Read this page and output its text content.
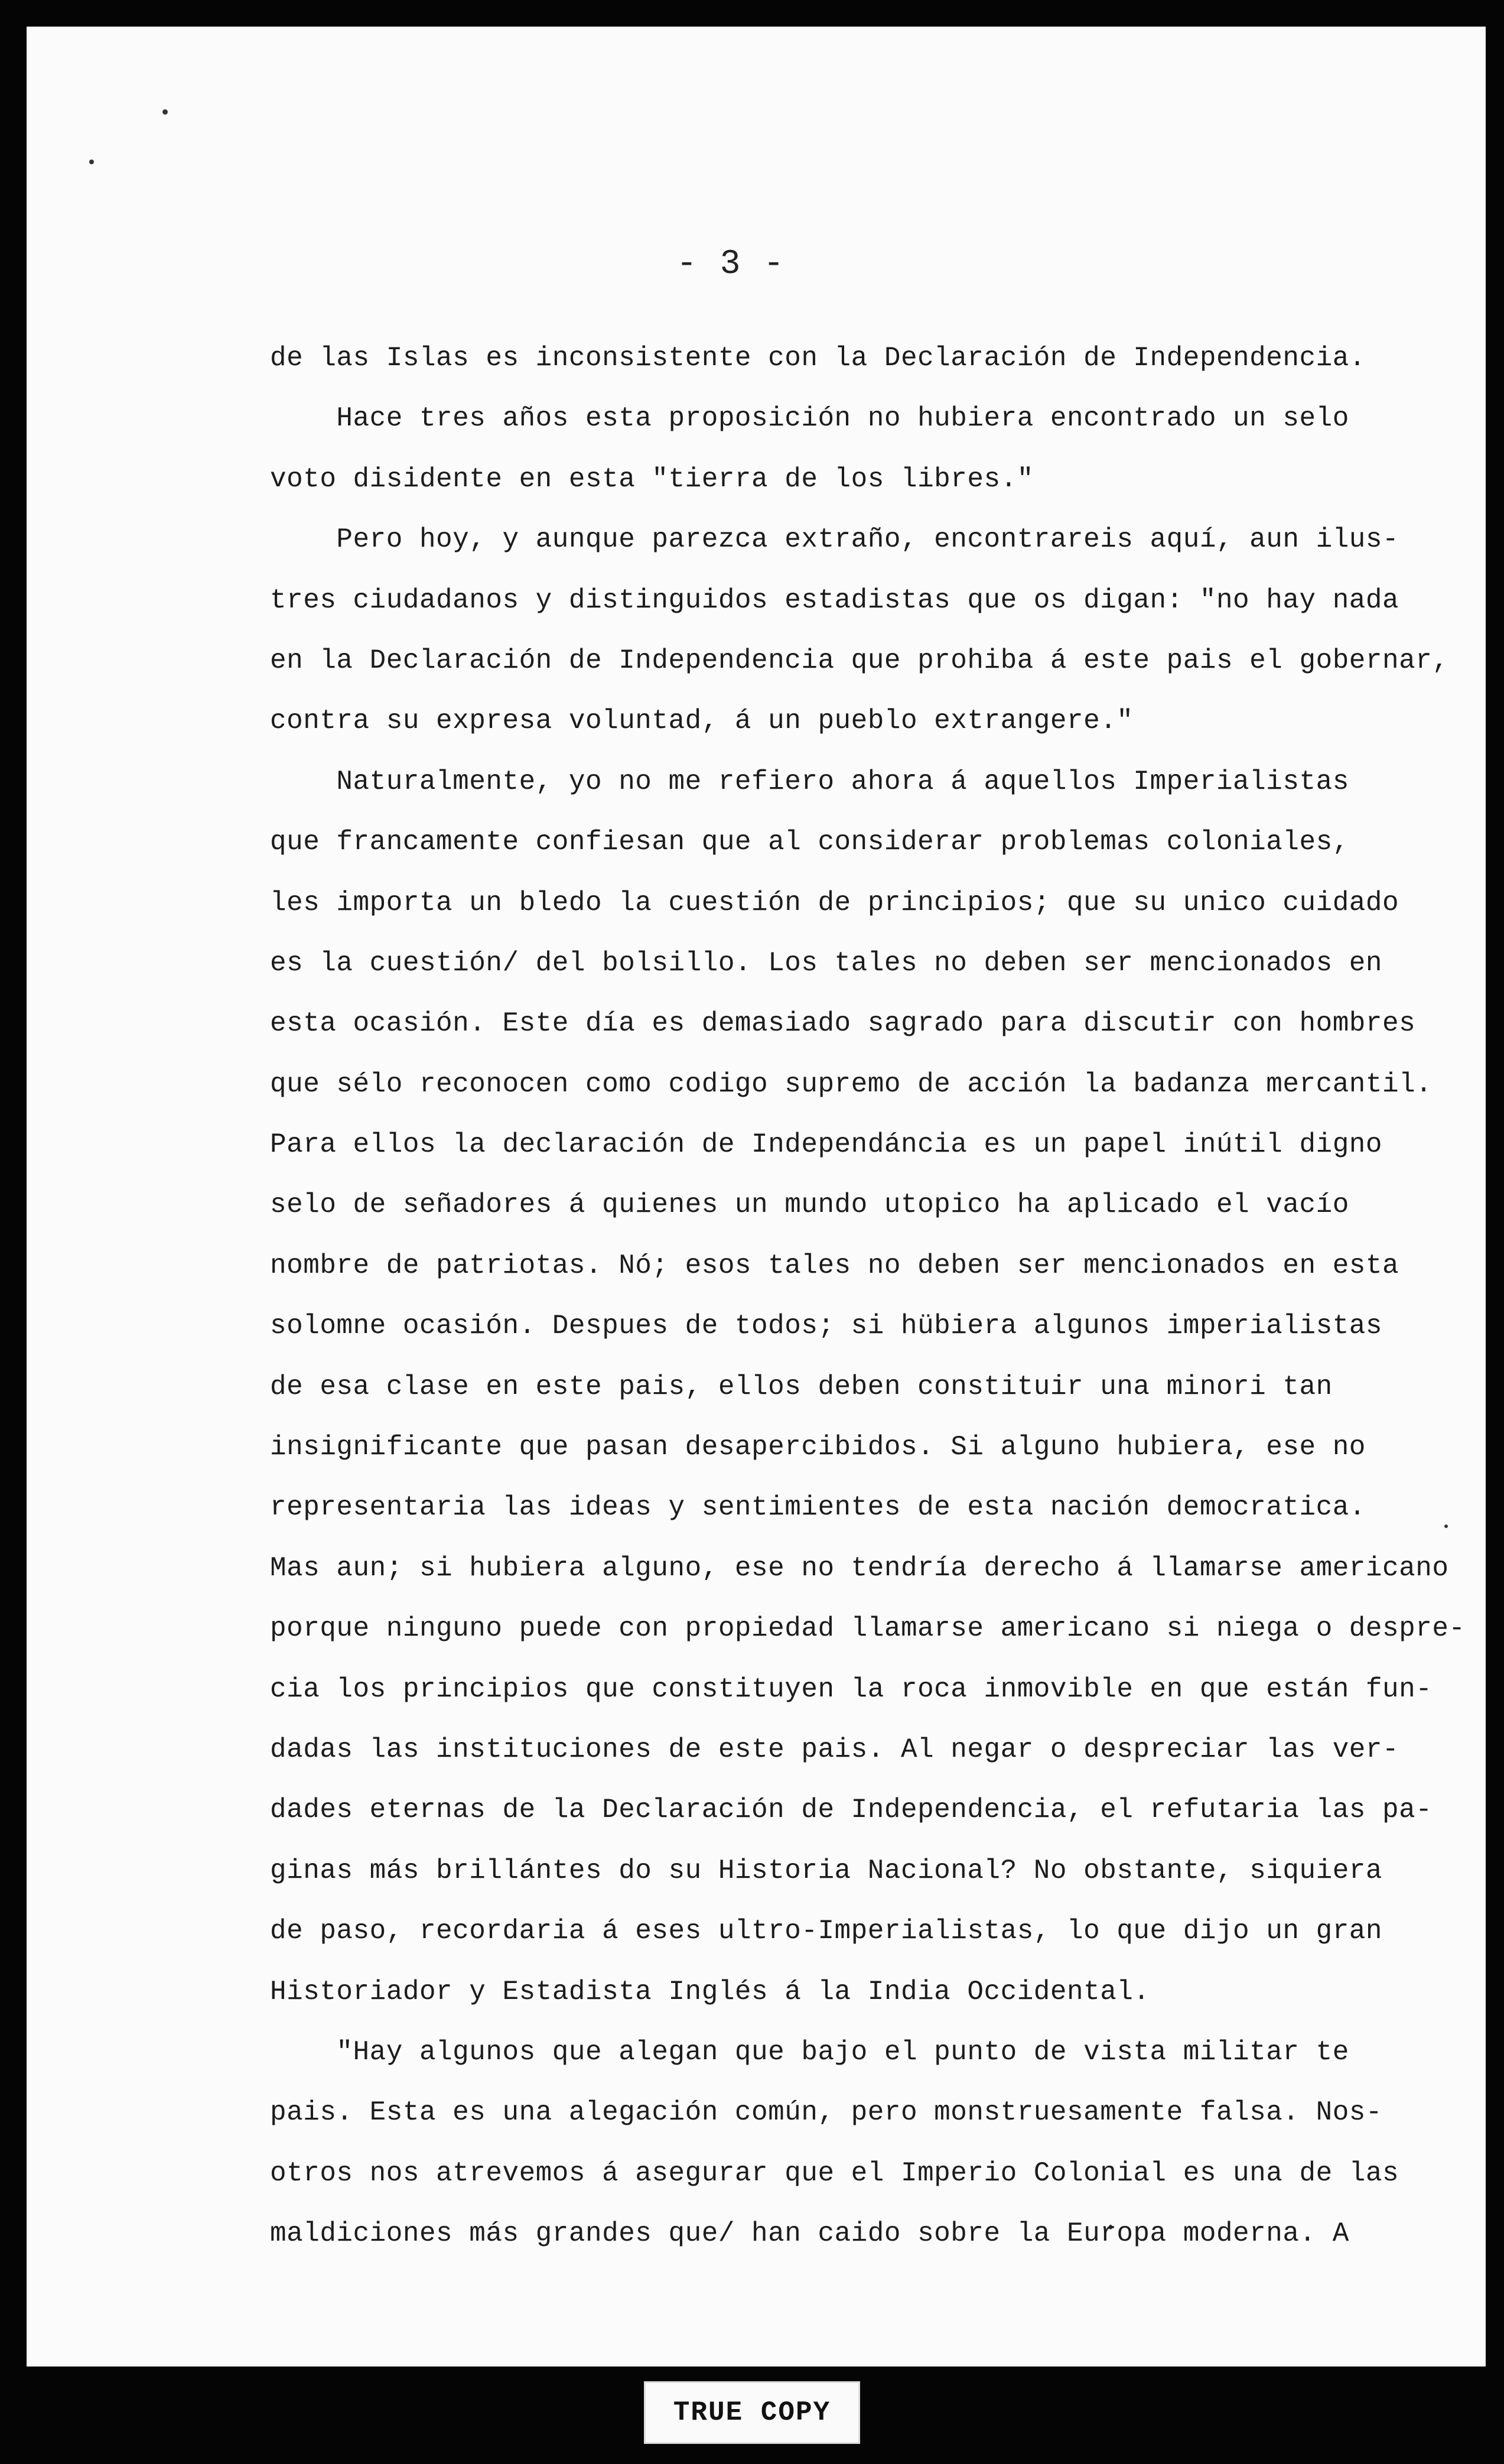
- 3 -
de las Islas es inconsistente con la Declaración de Independencia.
Hace tres años esta proposición no hubiera encontrado un selo
voto disidente en esta "tierra de los libres."
Pero hoy, y aunque parezca extraño, encontrareis aquí, aun ilus-
tres ciudadanos y distinguidos estadistas que os digan: "no hay nada
en la Declaración de Independencia que prohiba á este pais el gobernar,
contra su expresa voluntad, á un pueblo extrangere."
Naturalmente, yo no me refiero ahora á aquellos Imperialistas
que francamente confiesan que al considerar problemas coloniales,
les importa un bledo la cuestión de principios; que su unico cuidado
es la cuestión/ del bolsillo. Los tales no deben ser mencionados en
esta ocasión. Este día es demasiado sagrado para discutir con hombres
que sélo reconocen como codigo supremo de acción la badanza mercantil.
Para ellos la declaración de Independáncia es un papel inútil digno
selo de señadores á quienes un mundo utopico ha aplicado el vacío
nombre de patriotas. Nó; esos tales no deben ser mencionados en esta
solomne ocasión. Despues de todos; si hübiera algunos imperialistas
de esa clase en este pais, ellos deben constituir una minori tan
insignificante que pasan desapercibidos. Si alguno hubiera, ese no
representaria las ideas y sentimientes de esta nación democratica.
Mas aun; si hubiera alguno, ese no tendría derecho á llamarse americano
porque ninguno puede con propiedad llamarse americano si niega o despre-
cia los principios que constituyen la roca inmovible en que están fun-
dadas las instituciones de este pais. Al negar o despreciar las ver-
dades eternas de la Declaración de Independencia, el refutaria las pa-
ginas más brillántes do su Historia Nacional? No obstante, siquiera
de paso, recordaria á eses ultro-Imperialistas, lo que dijo un gran
Historiador y Estadista Inglés á la India Occidental.
"Hay algunos que alegan que bajo el punto de vista militar te
pais. Esta es una alegación común, pero monstruesamente falsa. Nos-
otros nos atrevemos á asegurar que el Imperio Colonial es una de las
maldiciones más grandes que/ han caido sobre la Europa moderna. A
TRUE COPY
